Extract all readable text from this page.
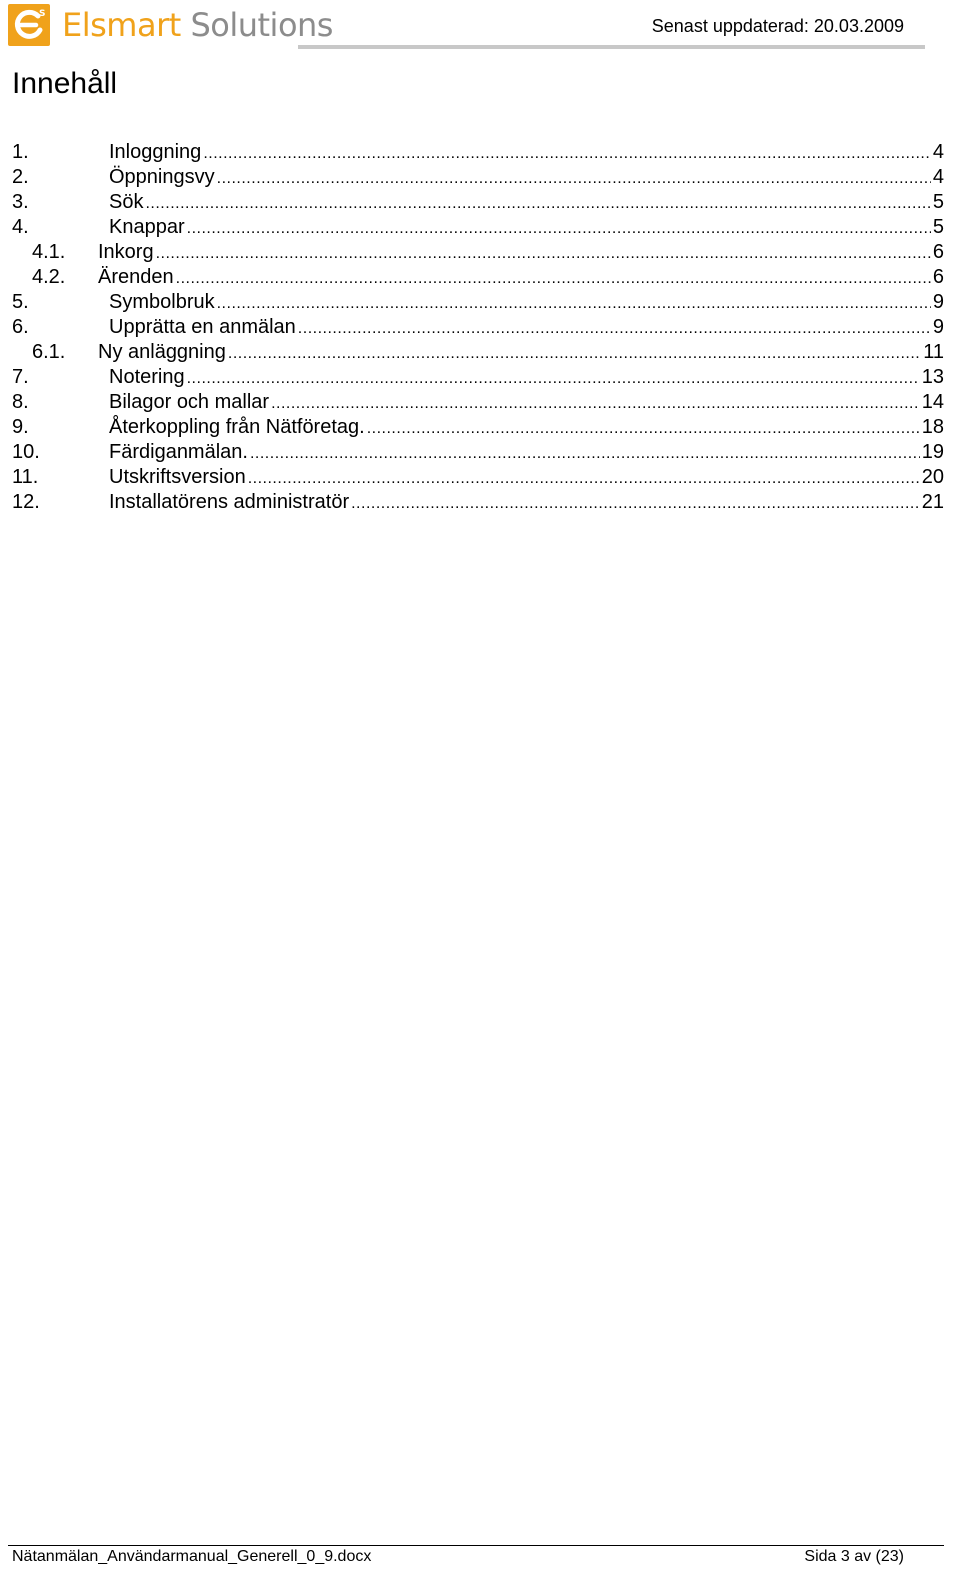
S Elsmart Solutions	Senast uppdaterad: 20.03.2009
Innehåll
1.	Inloggning .....	4
2.	Öppningsvy .....	4
3.	Sök .....	5
4.	Knappar .....	5
4.1.	Inkorg .....	6
4.2.	Ärenden .....	6
5.	Symbolbruk .....	9
6.	Upprätta en anmälan .....	9
6.1.	Ny anläggning .....	11
7.	Notering .....	13
8.	Bilagor och mallar .....	14
9.	Återkoppling från Nätföretag. .....	18
10.	Färdiganmälan. .....	19
11.	Utskriftsversion .....	20
12.	Installatörens administratör .....	21
Nätanmälan_Användarmanual_Generell_0_9.docx	Sida 3 av (23)
